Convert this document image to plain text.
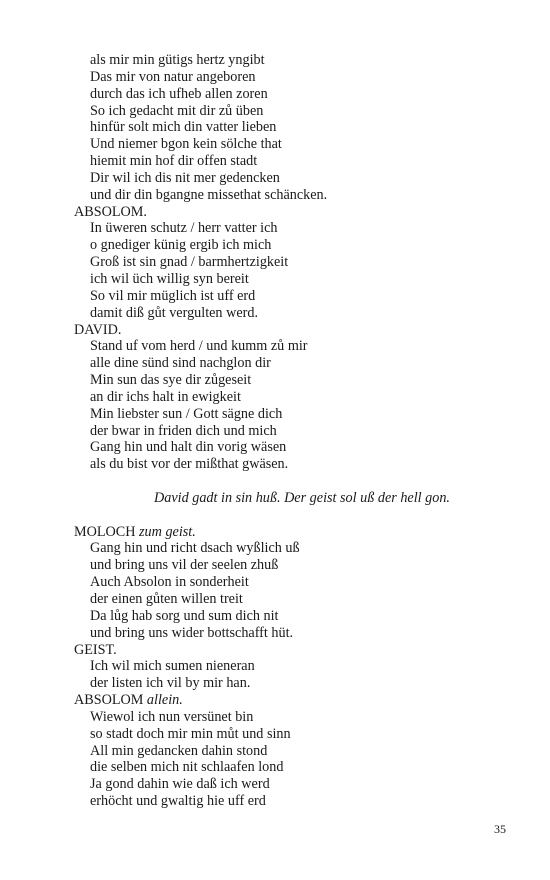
als mir min gütigs hertz yngibt
Das mir von natur angeboren
durch das ich ufheb allen zoren
So ich gedacht mit dir zů üben
hinfür solt mich din vatter lieben
Und niemer bgon kein sölche that
hiemit min hof dir offen stadt
Dir wil ich dis nit mer gedencken
und dir din bgangne missethat schäncken.
ABSOLOM.
In üweren schutz / herr vatter ich
o gnediger künig ergib ich mich
Groß ist sin gnad / barmhertzigkeit
ich wil üch willig syn bereit
So vil mir müglich ist uff erd
damit diß gůt vergulten werd.
DAVID.
Stand uf vom herd / und kumm zů mir
alle dine sünd sind nachglon dir
Min sun das sye dir zůgeseit
an dir ichs halt in ewigkeit
Min liebster sun / Gott sägne dich
der bwar in friden dich und mich
Gang hin und halt din vorig wäsen
als du bist vor der mißthat gwäsen.
David gadt in sin huß. Der geist sol uß der hell gon.
MOLOCH zum geist.
Gang hin und richt dsach wyßlich uß
und bring uns vil der seelen zhuß
Auch Absolon in sonderheit
der einen gůten willen treit
Da lůg hab sorg und sum dich nit
und bring uns wider bottschafft hüt.
GEIST.
Ich wil mich sumen nieneran
der listen ich vil by mir han.
ABSOLOM allein.
Wiewol ich nun versünet bin
so stadt doch mir min můt und sinn
All min gedancken dahin stond
die selben mich nit schlaafen lond
Ja gond dahin wie daß ich werd
erhöcht und gwaltig hie uff erd
35
